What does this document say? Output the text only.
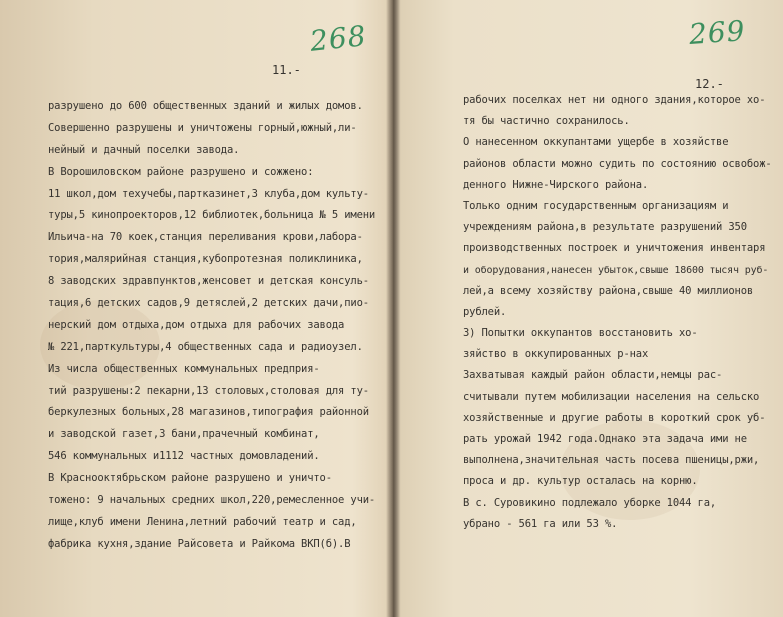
268
11.-
разрушено до 600 общественных зданий и жилых домов.
Совершенно разрушены и уничтожены горный,южный,ли-
нейный и дачный поселки завода.
В Ворошиловском районе разрушено и сожжено:
11 школ,дом техучебы,партказинет,3 клуба,дом культу-
туры,5 кинопроекторов,12 библиотек,больница № 5 имени
Ильича-на 70 коек,станция переливания крови,лабора-
тория,малярийная станция,кубопротезная поликлиника,
8 заводских здравпунктов,женсовет и детская консуль-
тация,6 детских садов,9 детяслей,2 детских дачи,пио-
нерский дом отдыха,дом отдыха для рабочих завода
№ 221,парткультуры,4 общественных сада и радиоузел.
Из числа общественных коммунальных предприя-
тий разрушены:2 пекарни,13 столовых,столовая для ту-
беркулезных больных,28 магазинов,типография районной
и заводской газет,3 бани,прачечный комбинат,
546 коммунальных и1112 частных домовладений.
В Краснооктябрьском районе разрушено и уничто-
тожено: 9 начальных средних школ,220,ремесленное учи-
лище,клуб имени Ленина,летний рабочий театр и сад,
фабрика кухня,здание Райсовета и Райкома ВКП(б).В
269
12.-
рабочих поселках нет ни одного здания,которое хо-
тя бы частично сохранилось.
О нанесенном оккупантами ущербе в хозяйстве
районов области можно судить по состоянию освобож-
денного Нижне-Чирского района.
Только одним государственным организациям и
учреждениям района,в результате разрушений 350
производственных построек и уничтожения инвентаря
и оборудования,нанесен убыток,свыше 18600 тысяч руб-
лей,а всему хозяйству района,свыше 40 миллионов
рублей.
3) Попытки оккупантов восстановить хо-
зяйство в оккупированных р-нах
Захватывая каждый район области,немцы рас-
считывали путем мобилизации населения на сельско
хозяйственные и другие работы в короткий срок уб-
рать урожай 1942 года.Однако эта задача ими не
выполнена,значительная часть посева пшеницы,ржи,
проса и др. культур осталась на корню.
В с. Суровикино подлежало уборке 1044 га,
убрано - 561 га или 53 %.
